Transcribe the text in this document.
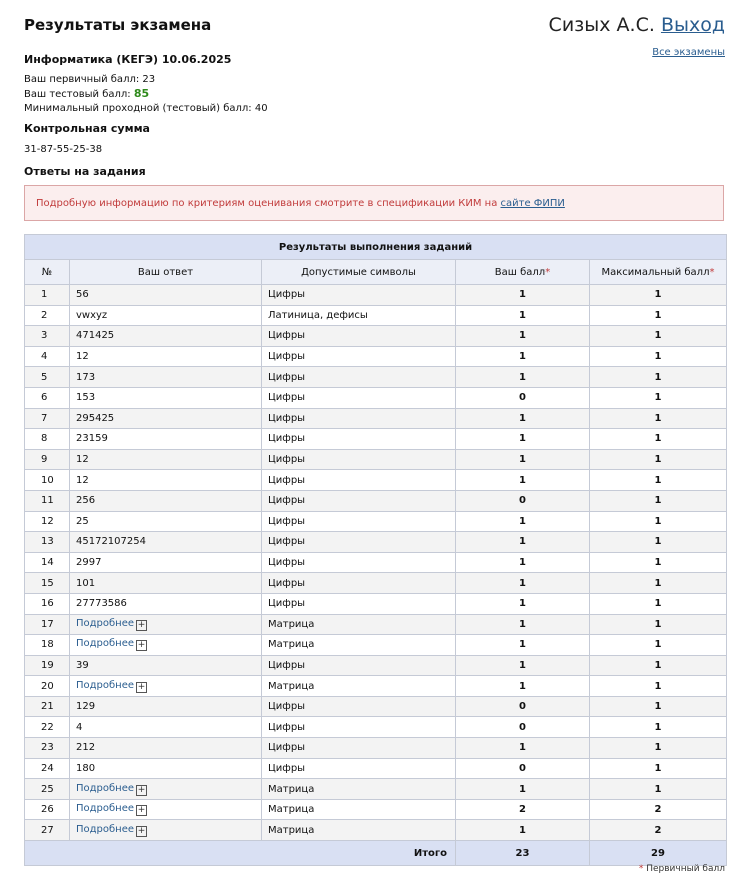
Результаты экзамена	Сизых А.С. Выход
Все экзамены
Информатика (КЕГЭ) 10.06.2025
Ваш первичный балл: 23
Ваш тестовый балл: 85
Минимальный проходной (тестовый) балл: 40
Контрольная сумма
31-87-55-25-38
Ответы на задания
Подробную информацию по критериям оценивания смотрите в спецификации КИМ на сайте ФИПИ
Результаты выполнения заданий				
№	Ваш ответ	Допустимые символы	Ваш балл*	Максимальный балл*
1	56	Цифры	1	1
2	vwxyz	Латиница, дефисы	1	1
3	471425	Цифры	1	1
4	12	Цифры	1	1
5	173	Цифры	1	1
6	153	Цифры	0	1
7	295425	Цифры	1	1
8	23159	Цифры	1	1
9	12	Цифры	1	1
10	12	Цифры	1	1
11	256	Цифры	0	1
12	25	Цифры	1	1
13	45172107254	Цифры	1	1
14	2997	Цифры	1	1
15	101	Цифры	1	1
16	27773586	Цифры	1	1
17	Подробнее +	Матрица	1	1
18	Подробнее +	Матрица	1	1
19	39	Цифры	1	1
20	Подробнее +	Матрица	1	1
21	129	Цифры	0	1
22	4	Цифры	0	1
23	212	Цифры	1	1
24	180	Цифры	0	1
25	Подробнее +	Матрица	1	1
26	Подробнее +	Матрица	2	2
27	Подробнее +	Матрица	1	2
Итого			23	29
* Первичный балл
